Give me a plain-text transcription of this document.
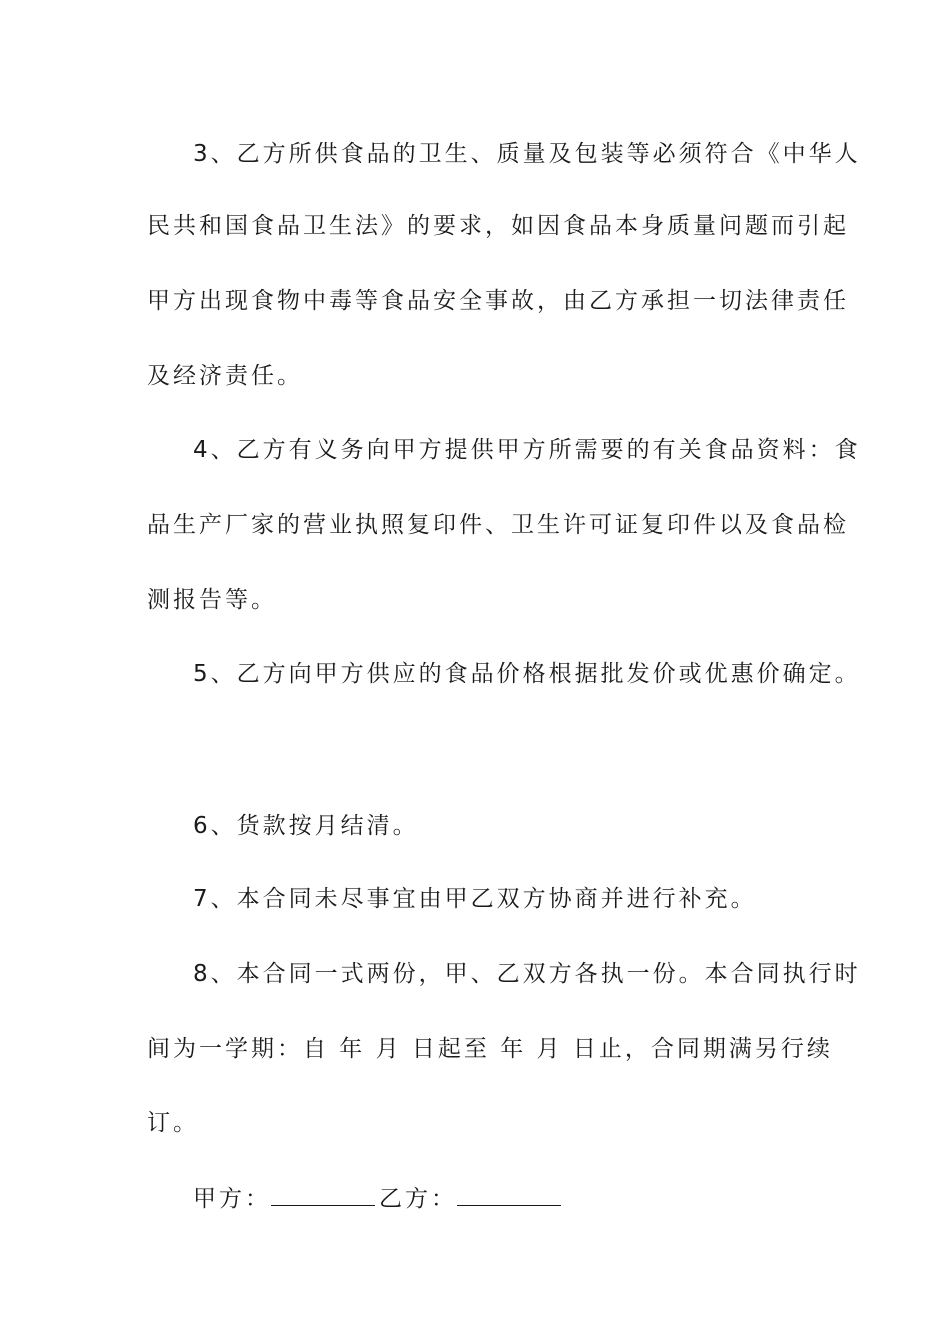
3、乙方所供食品的卫生、质量及包装等必须符合《中华人
民共和国食品卫生法》的要求，如因食品本身质量问题而引起
甲方出现食物中毒等食品安全事故，由乙方承担一切法律责任
及经济责任。
4、乙方有义务向甲方提供甲方所需要的有关食品资料：食
品生产厂家的营业执照复印件、卫生许可证复印件以及食品检
测报告等。
5、乙方向甲方供应的食品价格根据批发价或优惠价确定。
6、货款按月结清。
7、本合同未尽事宜由甲乙双方协商并进行补充。
8、本合同一式两份，甲、乙双方各执一份。本合同执行时
间为一学期：自 年 月 日起至 年 月 日止，合同期满另行续
订。
甲方：	乙方：
